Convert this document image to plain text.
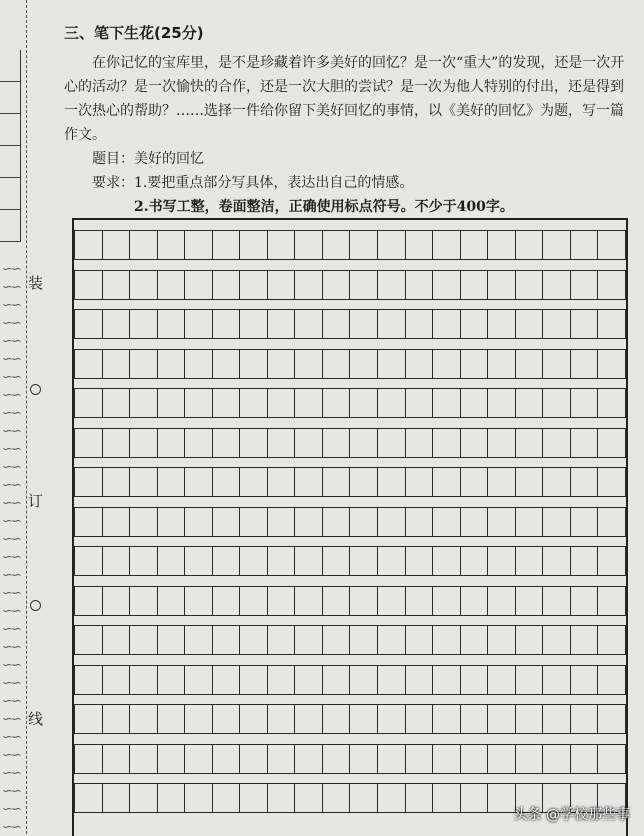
∽∽
∽∽
∽∽
∽∽
∽∽
∽∽
∽∽
∽∽
∽∽
∽∽
∽∽
∽∽
∽∽
∽∽
∽∽
∽∽
∽∽
∽∽
∽∽
∽∽
∽∽
∽∽
∽∽
∽∽
∽∽
∽∽
∽∽
∽∽
∽∽
∽∽
∽∽
∽∽
装
订
线
三、笔下生花(25分)

在你记忆的宝库里，是不是珍藏着许多美好的回忆？是一次“重大”的发现，还是一次开心的活动？是一次愉快的合作，还是一次大胆的尝试？是一次为他人特别的付出，还是得到一次热心的帮助？……选择一件给你留下美好回忆的事情，以《美好的回忆》为题，写一篇作文。

题目：美好的回忆
要求：1.要把重点部分写具体，表达出自己的情感。
2.书写工整，卷面整洁，正确使用标点符号。不少于400字。
头条 @学校那些事
